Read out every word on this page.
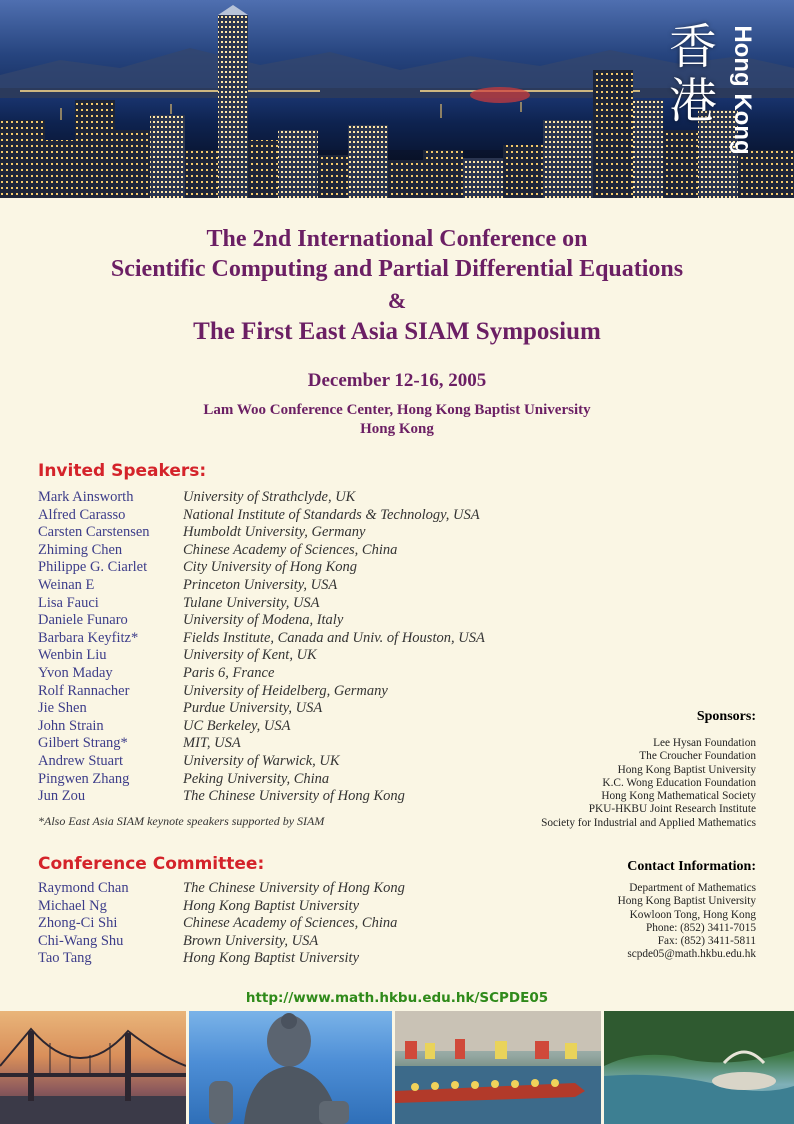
香港 Hong Kong
The 2nd International Conference on
Scientific Computing and Partial Differential Equations
&
The First East Asia SIAM Symposium
December 12-16, 2005
Lam Woo Conference Center, Hong Kong Baptist University
Hong Kong
Invited Speakers:
Mark Ainsworth	University of Strathclyde, UK
Alfred Carasso	National Institute of Standards & Technology, USA
Carsten Carstensen	Humboldt University, Germany
Zhiming Chen	Chinese Academy of Sciences, China
Philippe G. Ciarlet	City University of Hong Kong
Weinan E	Princeton University, USA
Lisa Fauci	Tulane University, USA
Daniele Funaro	University of Modena, Italy
Barbara Keyfitz*	Fields Institute, Canada and Univ. of Houston, USA
Wenbin Liu	University of Kent, UK
Yvon Maday	Paris 6, France
Rolf Rannacher	University of Heidelberg, Germany
Jie Shen	Purdue University, USA
John Strain	UC Berkeley, USA
Gilbert Strang*	MIT, USA
Andrew Stuart	University of Warwick, UK
Pingwen Zhang	Peking University, China
Jun Zou	The Chinese University of Hong Kong
*Also East Asia SIAM keynote speakers supported by SIAM
Conference Committee:
Raymond Chan	The Chinese University of Hong Kong
Michael Ng	Hong Kong Baptist University
Zhong-Ci Shi	Chinese Academy of Sciences, China
Chi-Wang Shu	Brown University, USA
Tao Tang	Hong Kong Baptist University
Sponsors:
Lee Hysan Foundation
The Croucher Foundation
Hong Kong Baptist University
K.C. Wong Education Foundation
Hong Kong Mathematical Society
PKU-HKBU Joint Research Institute
Society for Industrial and Applied Mathematics
Contact Information:
Department of Mathematics
Hong Kong Baptist University
Kowloon Tong, Hong Kong
Phone: (852) 3411-7015
Fax: (852) 3411-5811
scpde05@math.hkbu.edu.hk
http://www.math.hkbu.edu.hk/SCPDE05
